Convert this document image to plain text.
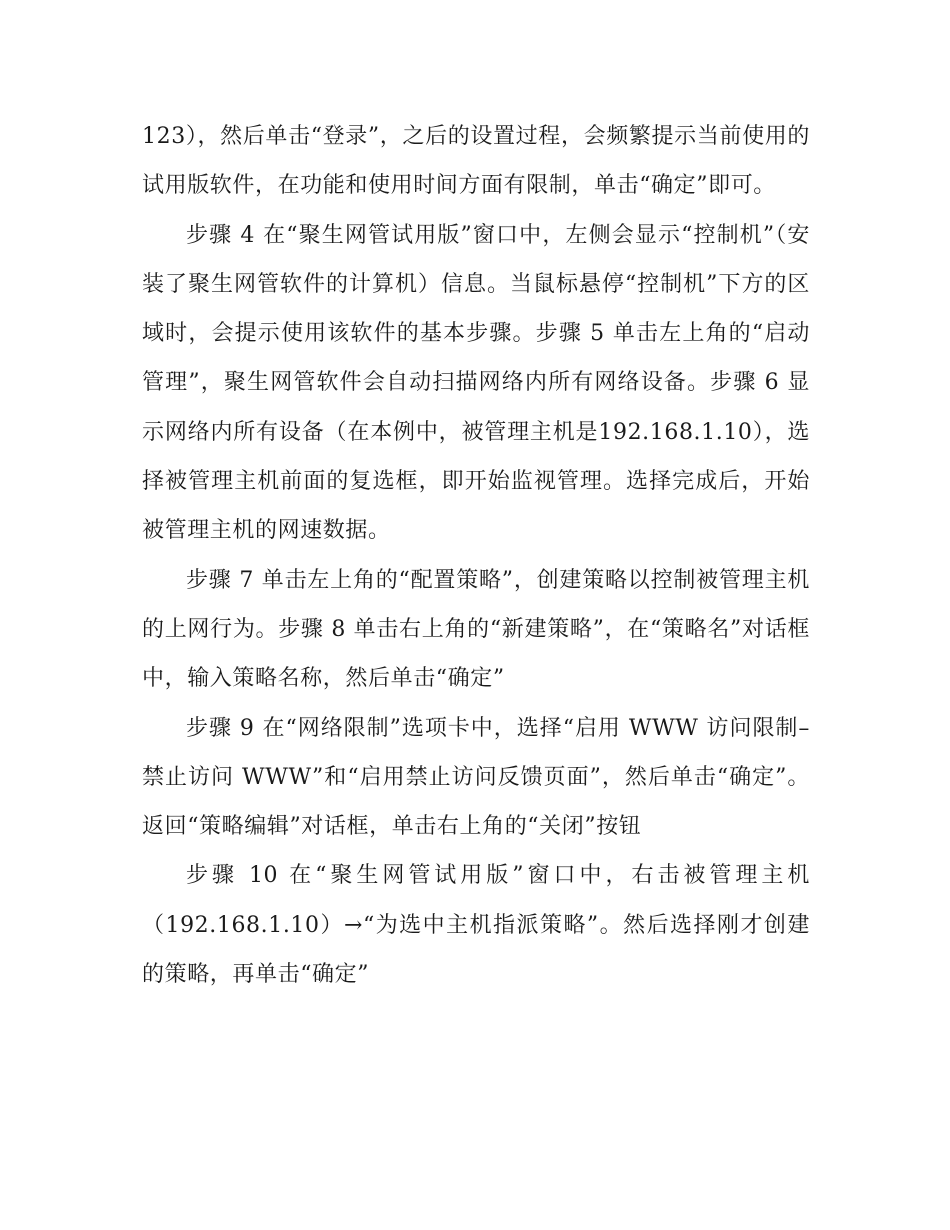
123），然后单击“登录”，之后的设置过程，会频繁提示当前使用的试用版软件，在功能和使用时间方面有限制，单击“确定”即可。

步骤 4 在“聚生网管试用版”窗口中，左侧会显示“控制机”（安装了聚生网管软件的计算机）信息。当鼠标悬停“控制机”下方的区域时，会提示使用该软件的基本步骤。步骤 5 单击左上角的“启动管理”，聚生网管软件会自动扫描网络内所有网络设备。步骤 6 显示网络内所有设备（在本例中，被管理主机是192.168.1.10），选择被管理主机前面的复选框，即开始监视管理。选择完成后，开始被管理主机的网速数据。

步骤 7 单击左上角的“配置策略”，创建策略以控制被管理主机的上网行为。步骤 8 单击右上角的“新建策略”，在“策略名”对话框中，输入策略名称，然后单击“确定”

步骤 9 在“网络限制”选项卡中，选择“启用 WWW 访问限制–禁止访问 WWW”和“启用禁止访问反馈页面”，然后单击“确定”。返回“策略编辑”对话框，单击右上角的“关闭”按钮

步骤 10 在“聚生网管试用版”窗口中，右击被管理主机（192.168.1.10）→“为选中主机指派策略”。然后选择刚才创建的策略，再单击“确定”
